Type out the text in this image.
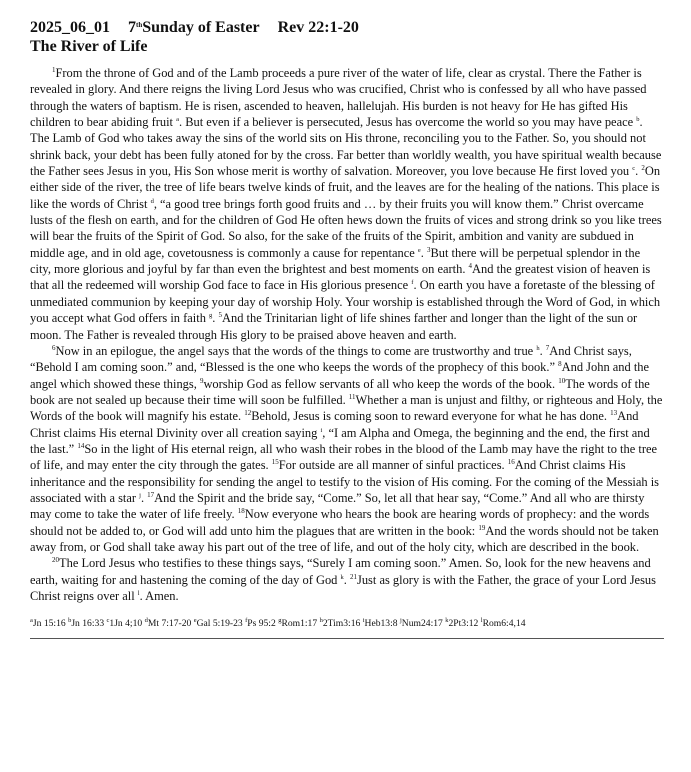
2025_06_01 7thSunday of Easter Rev 22:1-20
The River of Life

$^1$From the throne of God and of the Lamb proceeds a pure river of the water of life, clear as crystal. There the Father is revealed in glory. And there reigns the living Lord Jesus who was crucified, Christ who is confessed by all who have passed through the waters of baptism. He is risen, ascended to heaven, hallelujah. His burden is not heavy for He has gifted His children to bear abiding fruit $^a$. But even if a believer is persecuted, Jesus has overcome the world so you may have peace $^b$. The Lamb of God who takes away the sins of the world sits on His throne, reconciling you to the Father. So, you should not shrink back, your debt has been fully atoned for by the cross. Far better than worldly wealth, you have spiritual wealth because the Father sees Jesus in you, His Son whose merit is worthy of salvation. Moreover, you love because He first loved you $^c$. $^2$On either side of the river, the tree of life bears twelve kinds of fruit, and the leaves are for the healing of the nations. This place is like the words of Christ $^d$, “a good tree brings forth good fruits and … by their fruits you will know them.” Christ overcame lusts of the flesh on earth, and for the children of God He often hews down the fruits of vices and strong drink so you like trees will bear the fruits of the Spirit of God. So also, for the sake of the fruits of the Spirit, ambition and vanity are subdued in middle age, and in old age, covetousness is commonly a cause for repentance $^e$. $^3$But there will be perpetual splendor in the city, more glorious and joyful by far than even the brightest and best moments on earth. $^4$And the greatest vision of heaven is that all the redeemed will worship God face to face in His glorious presence $^f$. On earth you have a foretaste of the blessing of unmediated communion by keeping your day of worship Holy. Your worship is established through the Word of God, in which you accept what God offers in faith $^g$. $^5$And the Trinitarian light of life shines farther and longer than the light of the sun or moon. The Father is revealed through His glory to be praised above heaven and earth.

$^6$Now in an epilogue, the angel says that the words of the things to come are trustworthy and true $^h$. $^7$And Christ says, “Behold I am coming soon.” and, “Blessed is the one who keeps the words of the prophecy of this book.” $^8$And John and the angel which showed these things, $^9$worship God as fellow servants of all who keep the words of the book. $^{10}$The words of the book are not sealed up because their time will soon be fulfilled. $^{11}$Whether a man is unjust and filthy, or righteous and Holy, the Words of the book will magnify his estate. $^{12}$Behold, Jesus is coming soon to reward everyone for what he has done. $^{13}$And Christ claims His eternal Divinity over all creation saying $^i$, “I am Alpha and Omega, the beginning and the end, the first and the last.” $^{14}$So in the light of His eternal reign, all who wash their robes in the blood of the Lamb may have the right to the tree of life, and may enter the city through the gates. $^{15}$For outside are all manner of sinful practices. $^{16}$And Christ claims His inheritance and the responsibility for sending the angel to testify to the vision of His coming. For the coming of the Messiah is associated with a star $^j$. $^{17}$And the Spirit and the bride say, “Come.” So, let all that hear say, “Come.” And all who are thirsty may come to take the water of life freely. $^{18}$Now everyone who hears the book are hearing words of prophecy: and the words should not be added to, or God will add unto him the plagues that are written in the book: $^{19}$And the words should not be taken away from, or God shall take away his part out of the tree of life, and out of the holy city, which are described in the book.

$^{20}$The Lord Jesus who testifies to these things says, “Surely I am coming soon.” Amen. So, look for the new heavens and earth, waiting for and hastening the coming of the day of God $^k$. $^{21}$Just as glory is with the Father, the grace of your Lord Jesus Christ reigns over all $^l$. Amen.

$^a$Jn 15:16 $^b$Jn 16:33 $^c$1Jn 4;10 $^d$Mt 7:17-20 $^e$Gal 5:19-23 $^f$Ps 95:2 $^g$Rom1:17 $^h$2Tim3:16 $^i$Heb13:8 $^j$Num24:17 $^k$2Pt3:12 $^l$Rom6:4,14
